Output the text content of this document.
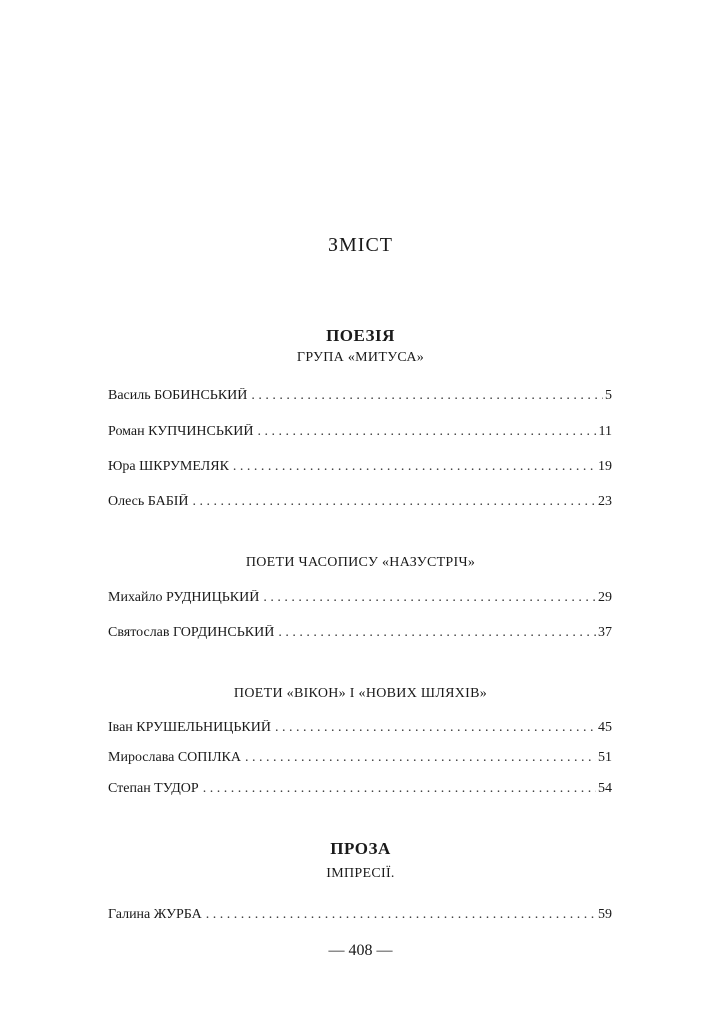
ЗМІСТ
ПОЕЗІЯ
ГРУПА «МИТУСА»
Василь БОБИНСЬКИЙ . . .	5
Роман КУПЧИНСЬКИЙ . . .	11
Юра ШКРУМЕЛЯК . . .	19
Олесь БАБІЙ . . .	23
ПОЕТИ ЧАСОПИСУ «НАЗУСТРІЧ»
Михайло РУДНИЦЬКИЙ . . .	29
Святослав ГОРДИНСЬКИЙ . . .	37
ПОЕТИ «ВІКОН» І «НОВИХ ШЛЯХІВ»
Іван КРУШЕЛЬНИЦЬКИЙ . . .	45
Мирослава СОПІЛКА . . .	51
Степан ТУДОР . . .	54
ПРОЗА
ІМПРЕСІЇ.
Галина ЖУРБА . . .	59
— 408 —
